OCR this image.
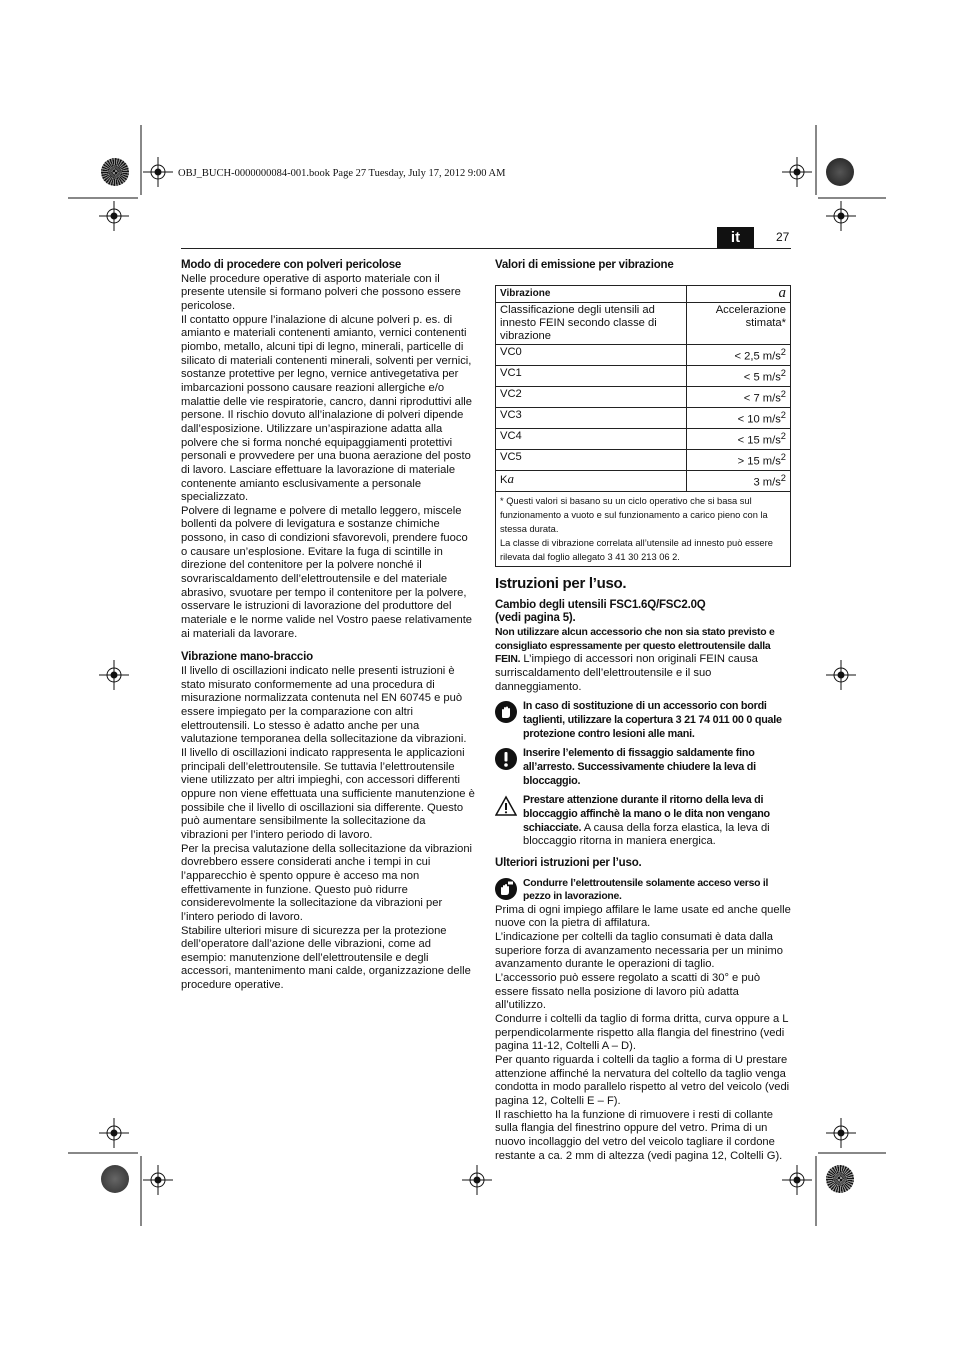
OBJ_BUCH-0000000084-001.book Page 27 Tuesday, July 17, 2012 9:00 AM
it	27
Modo di procedere con polveri pericolose

Nelle procedure operative di asporto materiale con il presente utensile si formano polveri che possono essere pericolose.

Il contatto oppure l’inalazione di alcune polveri p. es. di amianto e materiali contenenti amianto, vernici contenenti piombo, metallo, alcuni tipi di legno, minerali, particelle di silicato di materiali contenenti minerali, solventi per vernici, sostanze protettive per legno, vernice antivegetativa per imbarcazioni possono causare reazioni allergiche e/o malattie delle vie respiratorie, cancro, danni riproduttivi alle persone. Il rischio dovuto all’inalazione di polveri dipende dall’esposizione. Utilizzare un’aspirazione adatta alla polvere che si forma nonché equipaggiamenti protettivi personali e provvedere per una buona aerazione del posto di lavoro. Lasciare effettuare la lavorazione di materiale contenente amianto esclusivamente a personale specializzato.

Polvere di legname e polvere di metallo leggero, miscele bollenti da polvere di levigatura e sostanze chimiche possono, in caso di condizioni sfavorevoli, prendere fuoco o causare un’esplosione. Evitare la fuga di scintille in direzione del contenitore per la polvere nonché il sovrariscaldamento dell’elettroutensile e del materiale abrasivo, svuotare per tempo il contenitore per la polvere, osservare le istruzioni di lavorazione del produttore del materiale e le norme valide nel Vostro paese relativamente ai materiali da lavorare.

Vibrazione mano-braccio

Il livello di oscillazioni indicato nelle presenti istruzioni è stato misurato conformemente ad una procedura di misurazione normalizzata contenuta nel EN 60745 e può essere impiegato per la comparazione con altri elettroutensili. Lo stesso è adatto anche per una valutazione temporanea della sollecitazione da vibrazioni.

Il livello di oscillazioni indicato rappresenta le applicazioni principali dell’elettroutensile. Se tuttavia l’elettroutensile viene utilizzato per altri impieghi, con accessori differenti oppure non viene effettuata una sufficiente manutenzione è possibile che il livello di oscillazioni sia differente. Questo può aumentare sensibilmente la sollecitazione da vibrazioni per l’intero periodo di lavoro.

Per la precisa valutazione della sollecitazione da vibrazioni dovrebbero essere considerati anche i tempi in cui l’apparecchio è spento oppure è acceso ma non effettivamente in funzione. Questo può ridurre considerevolmente la sollecitazione da vibrazioni per l’intero periodo di lavoro.

Stabilire ulteriori misure di sicurezza per la protezione dell’operatore dall’azione delle vibrazioni, come ad esempio: manutenzione dell’elettroutensile e degli accessori, mantenimento mani calde, organizzazione delle procedure operative.

Valori di emissione per vibrazione
Vibrazione	a
Classificazione degli utensili ad innesto FEIN secondo classe di vibrazione	Accelerazione stimata*
VC0	< 2,5 $m/s^2$
VC1	< 5 $m/s^2$
VC2	< 7 $m/s^2$
VC3	< 10 $m/s^2$
VC4	< 15 $m/s^2$
VC5	> 15 $m/s^2$
Ka	3 $m/s^2$

* Questi valori si basano su un ciclo operativo che si basa sul funzionamento a vuoto e sul funzionamento a carico pieno con la stessa durata.
La classe di vibrazione correlata all’utensile ad innesto può essere rilevata dal foglio allegato 3 41 30 213 06 2.	
Istruzioni per l’uso.
Cambio degli utensili FSC1.6Q/FSC2.0Q
(vedi pagina 5).

Non utilizzare alcun accessorio che non sia stato previsto e consigliato espressamente per questo elettroutensile dalla FEIN. L’impiego di accessori non originali FEIN causa surriscaldamento dell’elettroutensile e il suo danneggiamento.

In caso di sostituzione di un accessorio con bordi taglienti, utilizzare la copertura 3 21 74 011 00 0 quale protezione contro lesioni alle mani.
Inserire l’elemento di fissaggio saldamente fino all’arresto. Successivamente chiudere la leva di bloccaggio.
Prestare attenzione durante il ritorno della leva di bloccaggio affinchè la mano o le dita non vengano schiacciate. A causa della forza elastica, la leva di bloccaggio ritorna in maniera energica.
Ulteriori istruzioni per l’uso.
Condurre l’elettroutensile solamente acceso verso il pezzo in lavorazione.

Prima di ogni impiego affilare le lame usate ed anche quelle nuove con la pietra di affilatura.

L’indicazione per coltelli da taglio consumati è data dalla superiore forza di avanzamento necessaria per un minimo avanzamento durante le operazioni di taglio.

L’accessorio può essere regolato a scatti di 30° e può essere fissato nella posizione di lavoro più adatta all’utilizzo.

Condurre i coltelli da taglio di forma dritta, curva oppure a L perpendicolarmente rispetto alla flangia del finestrino (vedi pagina 11-12, Coltelli A – D).

Per quanto riguarda i coltelli da taglio a forma di U prestare attenzione affinché la nervatura del coltello da taglio venga condotta in modo parallelo rispetto al vetro del veicolo (vedi pagina 12, Coltelli E – F).

Il raschietto ha la funzione di rimuovere i resti di collante sulla flangia del finestrino oppure del vetro. Prima di un nuovo incollaggio del vetro del veicolo tagliare il cordone restante a ca. 2 mm di altezza (vedi pagina 12, Coltelli G).
